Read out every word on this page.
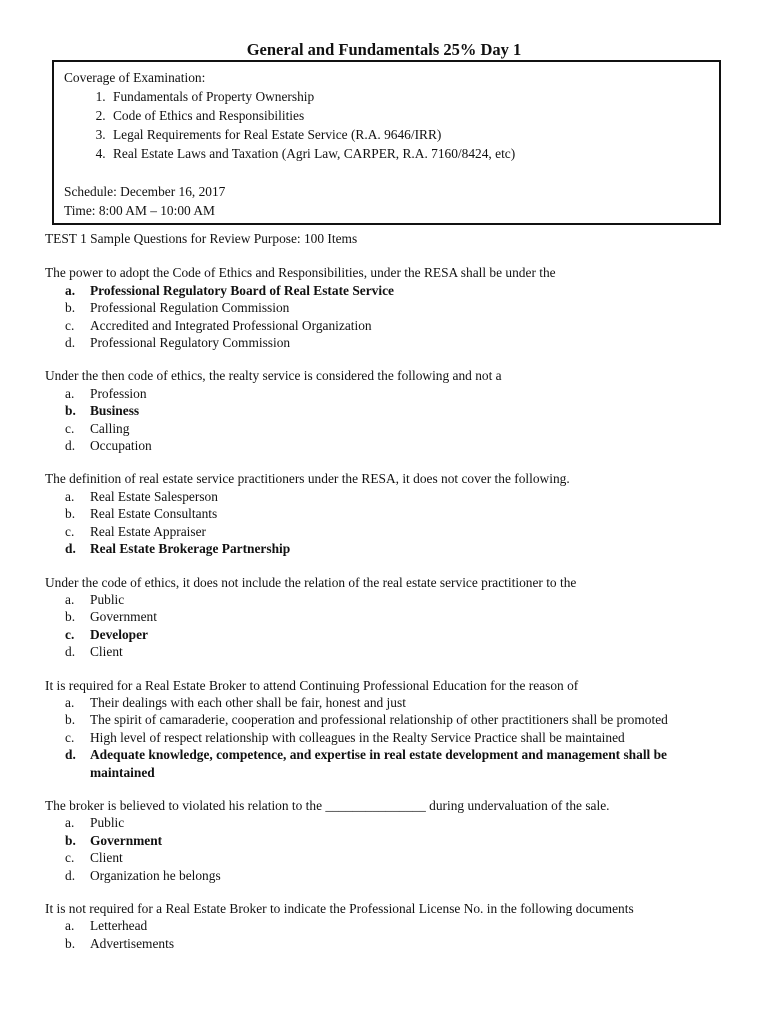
General and Fundamentals 25% Day 1
Coverage of Examination:
1. Fundamentals of Property Ownership
2. Code of Ethics and Responsibilities
3. Legal Requirements for Real Estate Service (R.A. 9646/IRR)
4. Real Estate Laws and Taxation (Agri Law, CARPER, R.A. 7160/8424, etc)
Schedule: December 16, 2017
Time: 8:00 AM – 10:00 AM

TEST 1 Sample Questions for Review Purpose: 100 Items

The power to adopt the Code of Ethics and Responsibilities, under the RESA shall be under the

a.	Professional Regulatory Board of Real Estate Service
b.	Professional Regulation Commission
c.	Accredited and Integrated Professional Organization
d.	Professional Regulatory Commission

Under the then code of ethics, the realty service is considered the following and not a

a.	Profession
b.	Business
c.	Calling
d.	Occupation

The definition of real estate service practitioners under the RESA, it does not cover the following.

a.	Real Estate Salesperson
b.	Real Estate Consultants
c.	Real Estate Appraiser
d.	Real Estate Brokerage Partnership

Under the code of ethics, it does not include the relation of the real estate service practitioner to the

a.	Public
b.	Government
c.	Developer
d.	Client

It is required for a Real Estate Broker to attend Continuing Professional Education for the reason of

a.	Their dealings with each other shall be fair, honest and just
b.	The spirit of camaraderie, cooperation and professional relationship of other practitioners shall be promoted
c.	High level of respect relationship with colleagues in the Realty Service Practice shall be maintained
d.	Adequate knowledge, competence, and expertise in real estate development and management shall be maintained

The broker is believed to violated his relation to the _______________ during undervaluation of the sale.

a.	Public
b.	Government
c.	Client
d.	Organization he belongs

It is not required for a Real Estate Broker to indicate the Professional License No. in the following documents

a.	Letterhead
b.	Advertisements
